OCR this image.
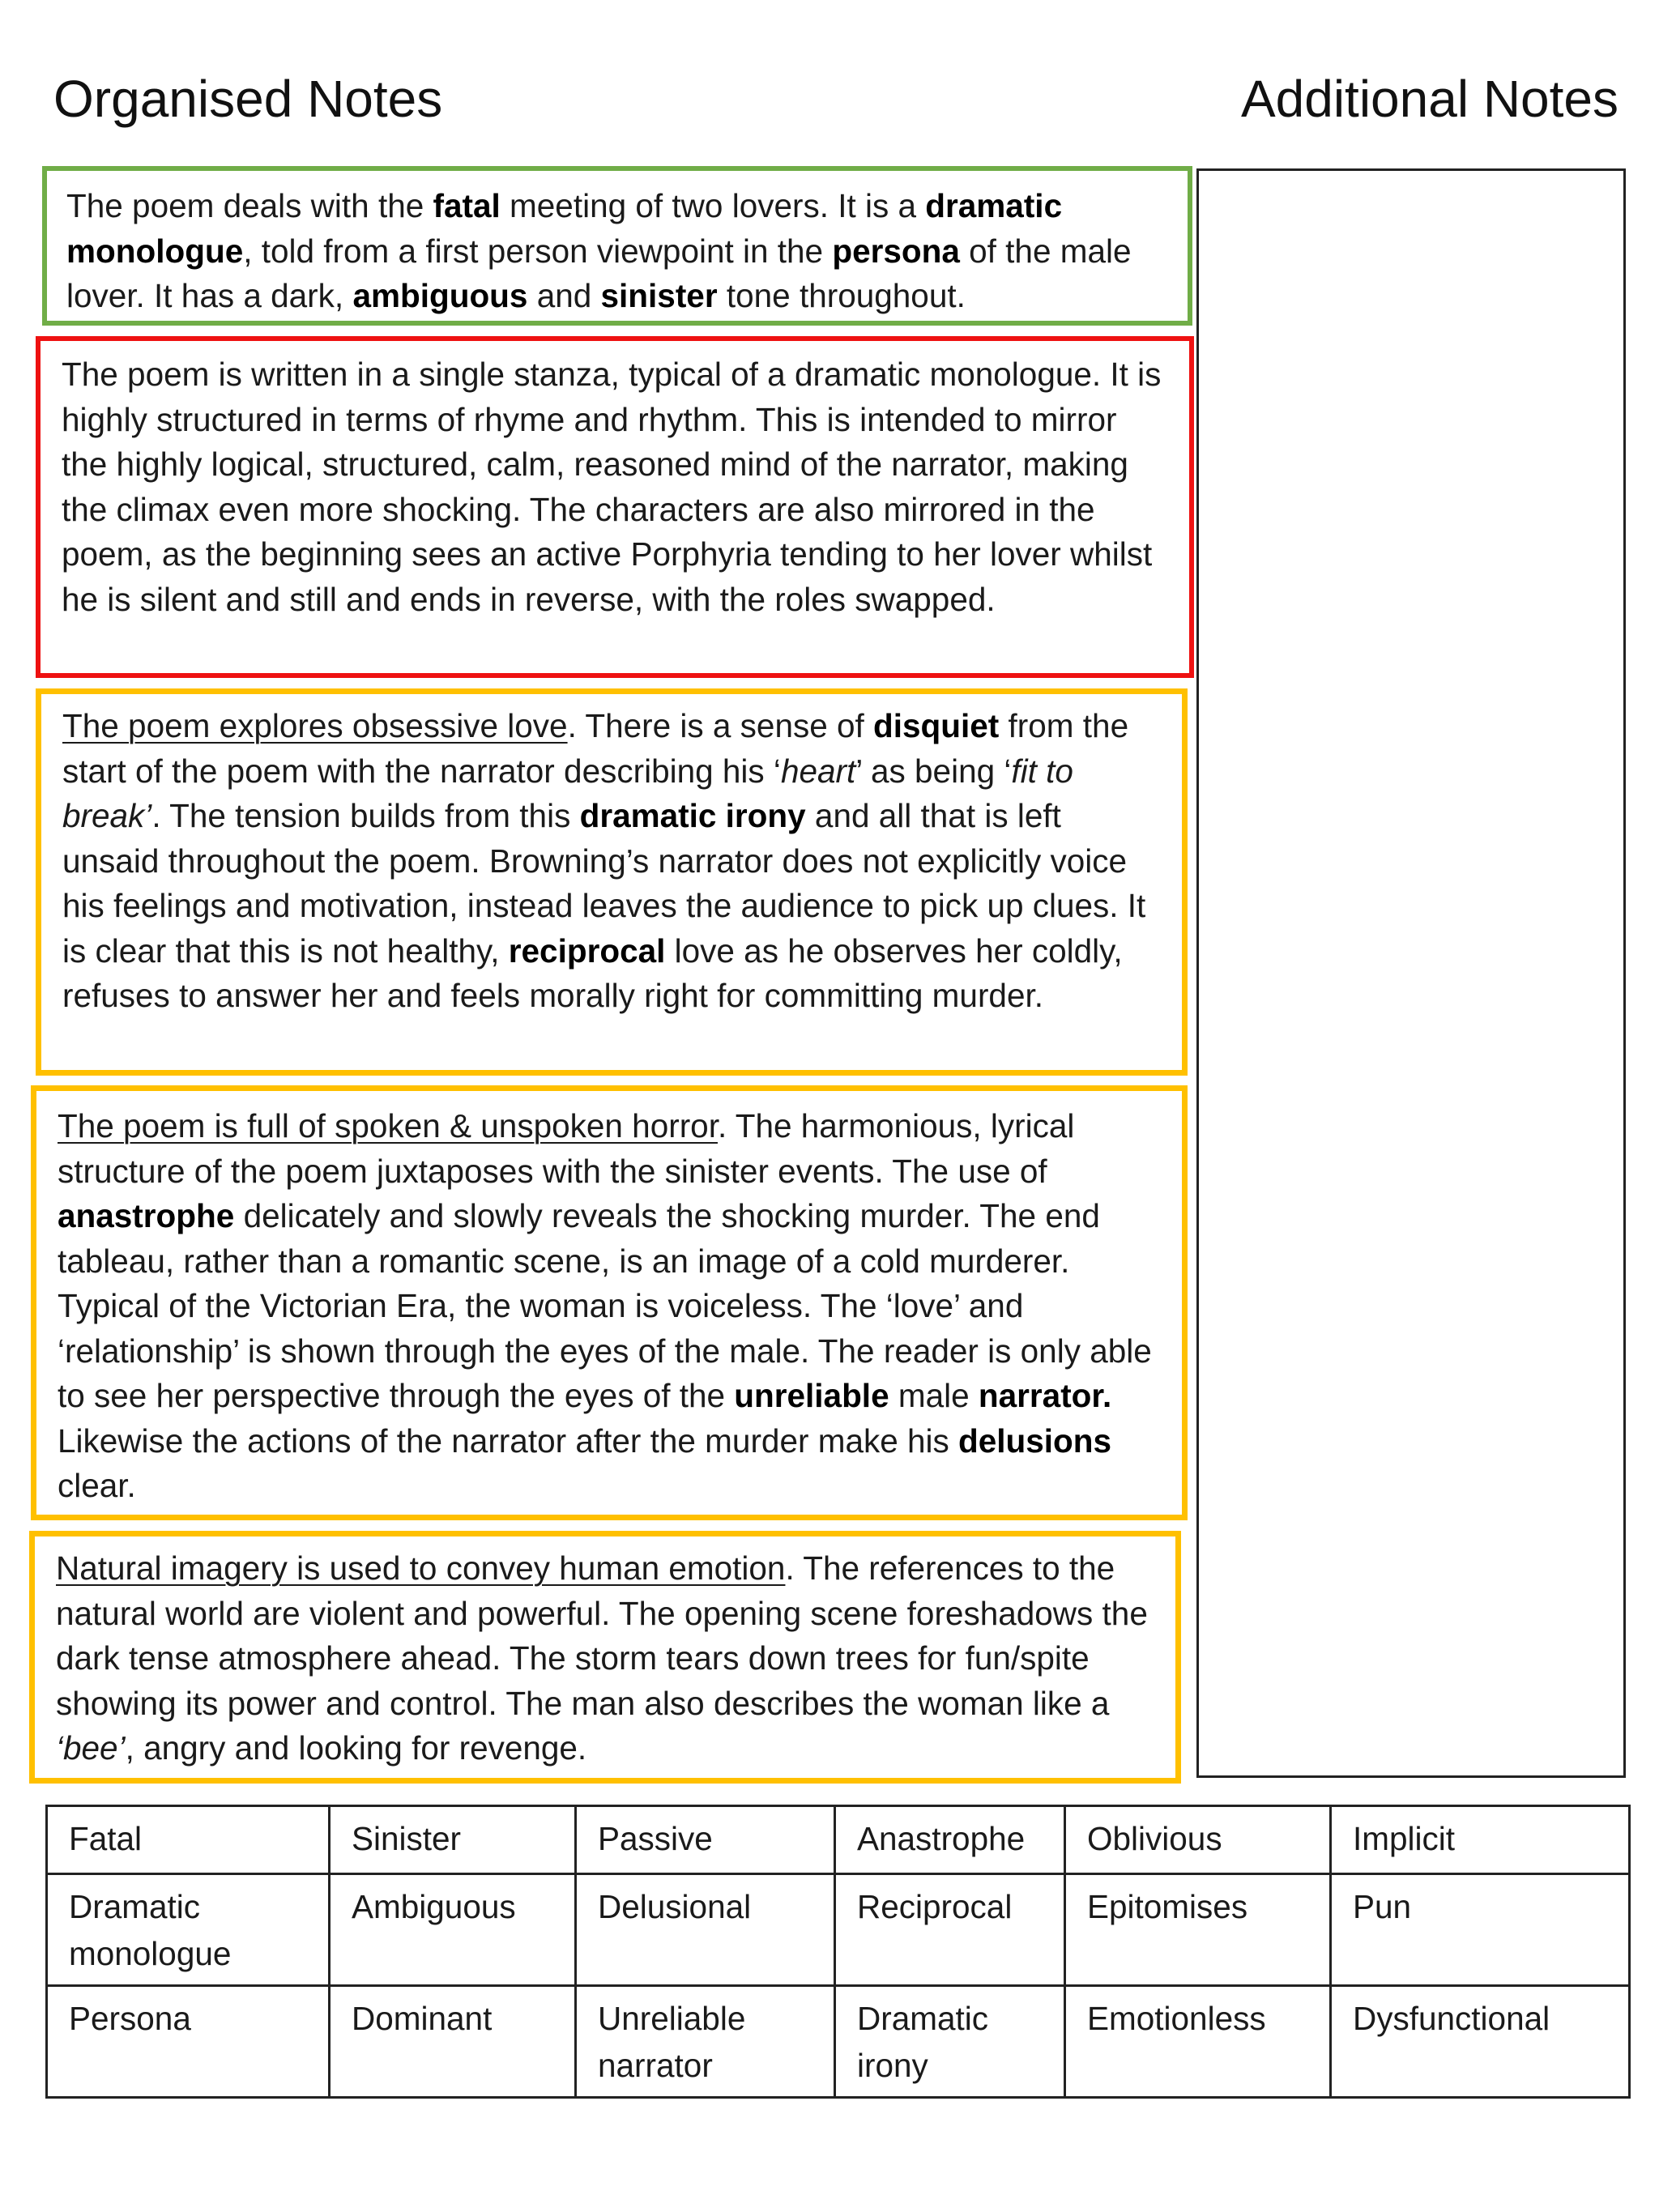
Organised Notes	Additional Notes

The poem deals with the fatal meeting of two lovers. It is a dramatic monologue, told from a first person viewpoint in the persona of the male lover. It has a dark, ambiguous and sinister tone throughout.

The poem is written in a single stanza, typical of a dramatic monologue. It is highly structured in terms of rhyme and rhythm. This is intended to mirror the highly logical, structured, calm, reasoned mind of the narrator, making the climax even more shocking. The characters are also mirrored in the poem, as the beginning sees an active Porphyria tending to her lover whilst he is silent and still and ends in reverse, with the roles swapped.

The poem explores obsessive love. There is a sense of disquiet from the start of the poem with the narrator describing his ‘heart’ as being ‘fit to break’. The tension builds from this dramatic irony and all that is left unsaid throughout the poem. Browning’s narrator does not explicitly voice his feelings and motivation, instead leaves the audience to pick up clues. It is clear that this is not healthy, reciprocal love as he observes her coldly, refuses to answer her and feels morally right for committing murder.

The poem is full of spoken & unspoken horror. The harmonious, lyrical structure of the poem juxtaposes with the sinister events. The use of anastrophe delicately and slowly reveals the shocking murder. The end tableau, rather than a romantic scene, is an image of a cold murderer. Typical of the Victorian Era, the woman is voiceless. The ‘love’ and ‘relationship’ is shown through the eyes of the male. The reader is only able to see her perspective through the eyes of the unreliable male narrator. Likewise the actions of the narrator after the murder make his delusions clear.

Natural imagery is used to convey human emotion. The references to the natural world are violent and powerful. The opening scene foreshadows the dark tense atmosphere ahead. The storm tears down trees for fun/spite showing its power and control. The man also describes the woman like a ‘bee’, angry and looking for revenge.

Fatal	Sinister	Passive	Anastrophe	Oblivious	Implicit
Dramatic monologue	Ambiguous	Delusional	Reciprocal	Epitomises	Pun
Persona	Dominant	Unreliable narrator	Dramatic irony	Emotionless	Dysfunctional
